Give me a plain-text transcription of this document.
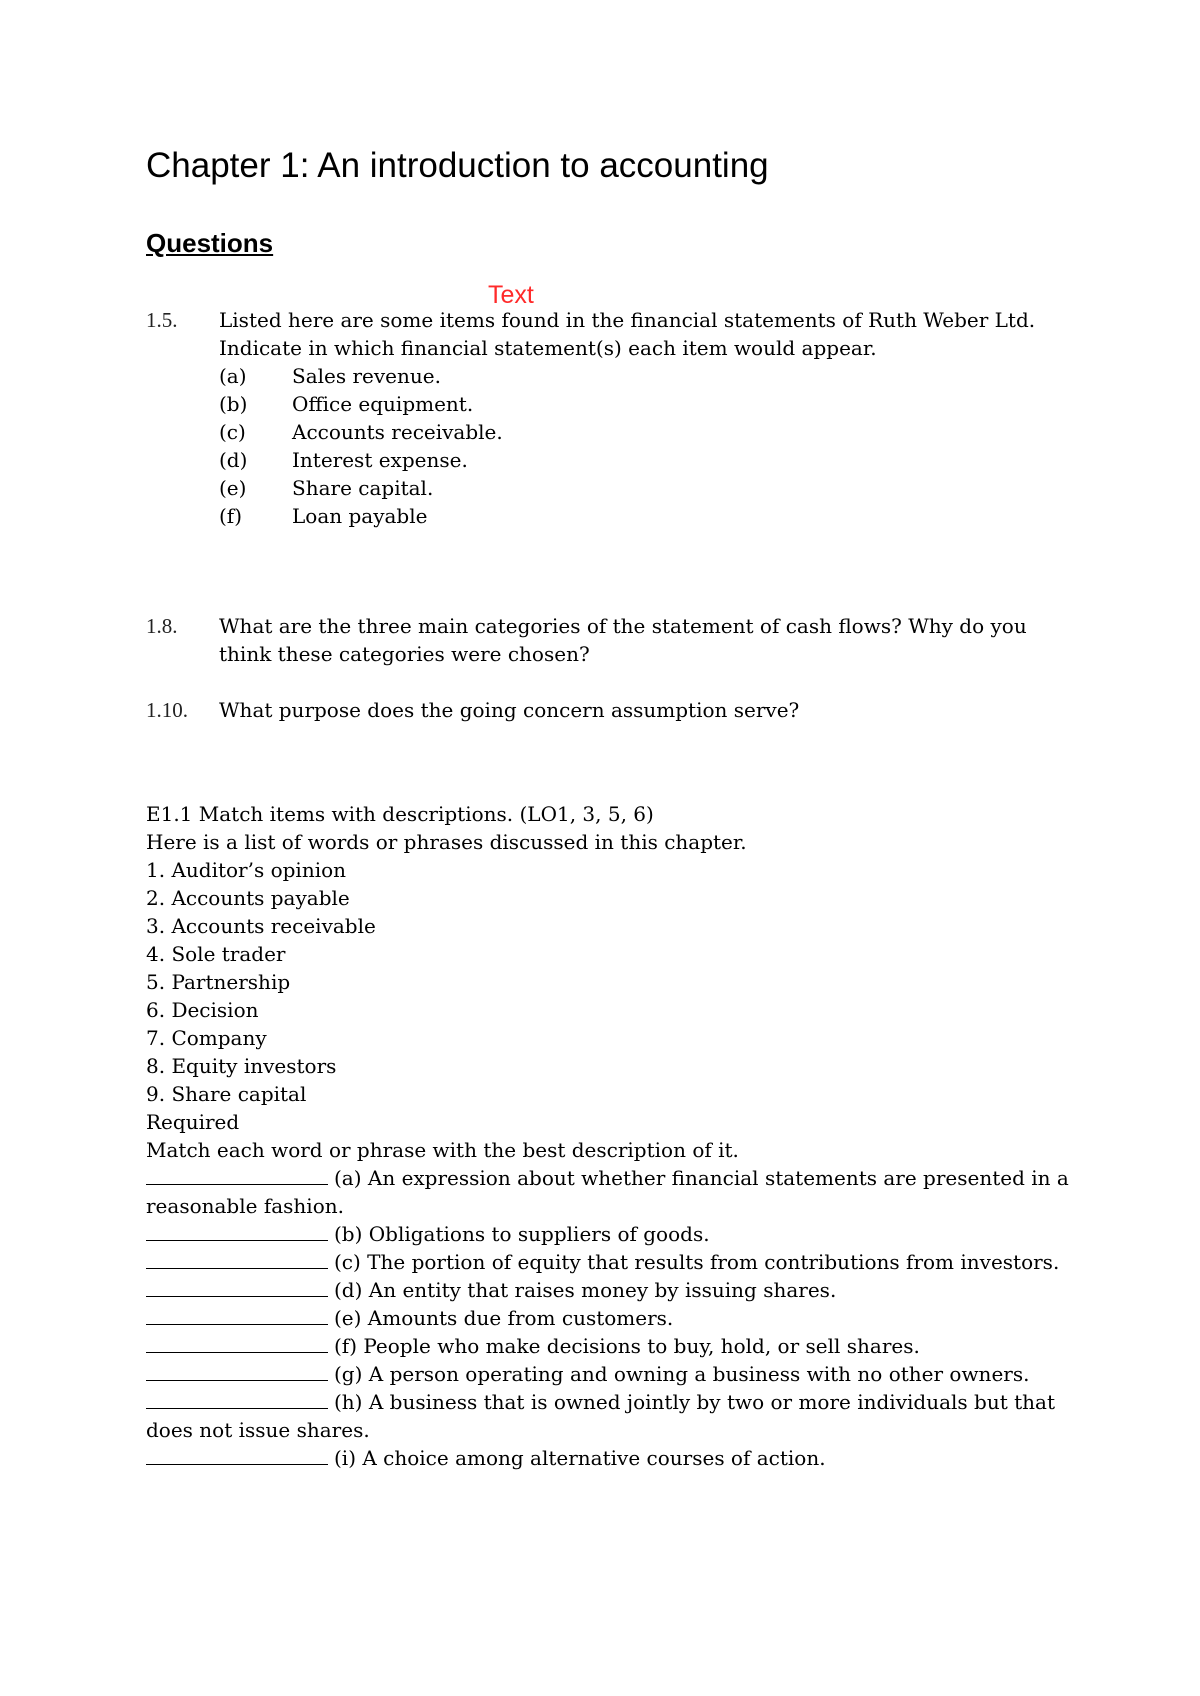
Chapter 1: An introduction to accounting
Questions
Text
1.5. Listed here are some items found in the financial statements of Ruth Weber Ltd. Indicate in which financial statement(s) each item would appear.
(a)	Sales revenue.
(b)	Office equipment.
(c)	Accounts receivable.
(d)	Interest expense.
(e)	Share capital.
(f)	Loan payable
1.8. What are the three main categories of the statement of cash flows? Why do you think these categories were chosen?
1.10. What purpose does the going concern assumption serve?
E1.1 Match items with descriptions. (LO1, 3, 5, 6)
Here is a list of words or phrases discussed in this chapter.
1. Auditor’s opinion
2. Accounts payable
3. Accounts receivable
4. Sole trader
5. Partnership
6. Decision
7. Company
8. Equity investors
9. Share capital
Required
Match each word or phrase with the best description of it.
(a) An expression about whether financial statements are presented in a reasonable fashion.
(b) Obligations to suppliers of goods.
(c) The portion of equity that results from contributions from investors.
(d) An entity that raises money by issuing shares.
(e) Amounts due from customers.
(f) People who make decisions to buy, hold, or sell shares.
(g) A person operating and owning a business with no other owners.
(h) A business that is owned jointly by two or more individuals but that does not issue shares.
(i) A choice among alternative courses of action.
